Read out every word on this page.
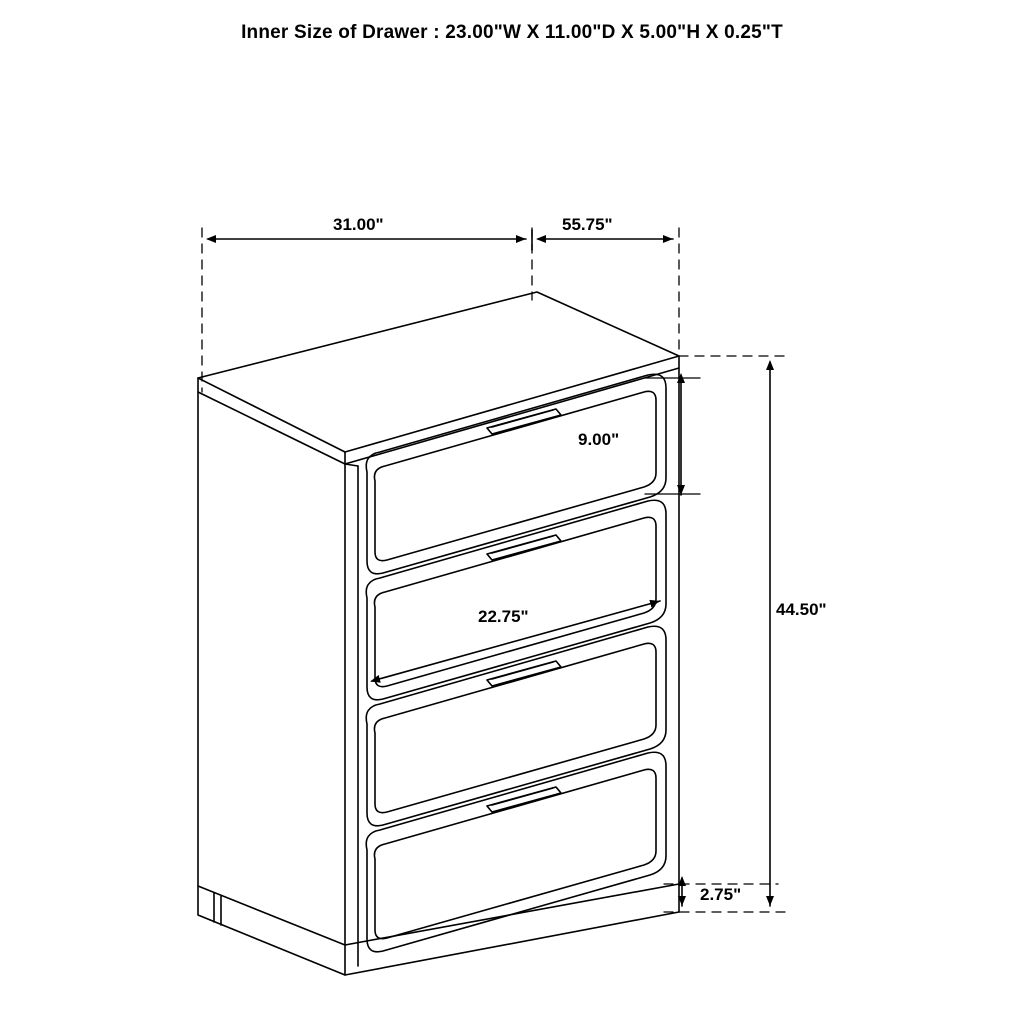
Inner Size of Drawer : 23.00"W X 11.00"D X 5.00"H X 0.25"T
31.00"	55.75"
9.00"
22.75"	44.50"
2.75"
